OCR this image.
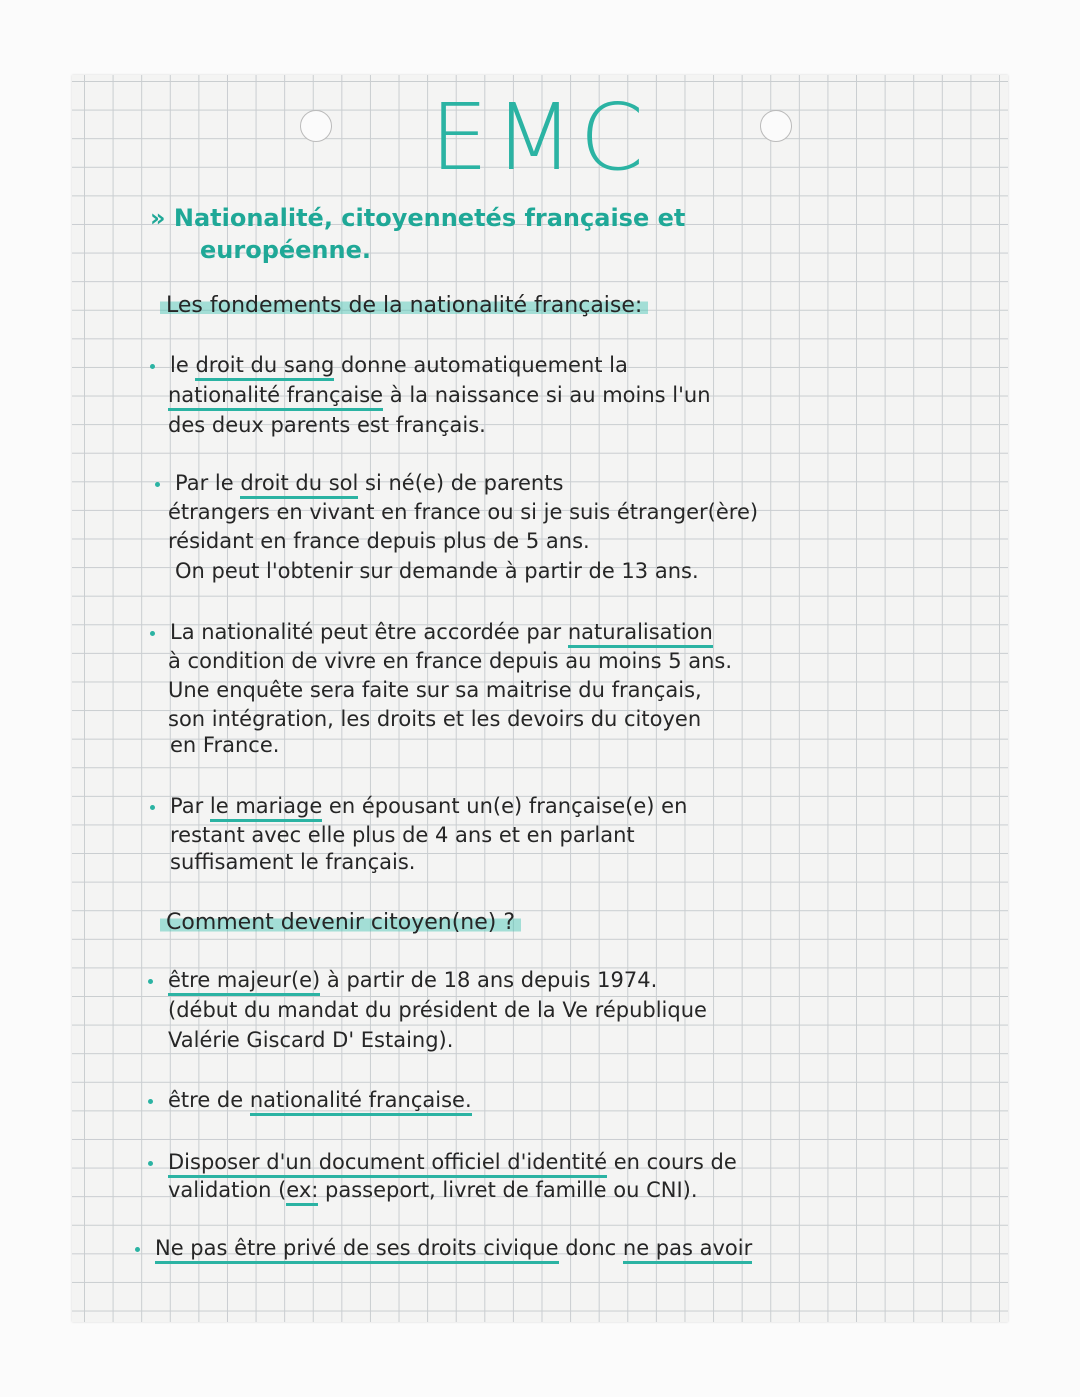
EMC
» Nationalité, citoyennetés française et
européenne.
Les fondements de la nationalité française:
le droit du sang donne automatiquement la
nationalité française à la naissance si au moins l'un
des deux parents est français.
Par le droit du sol si né(e) de parents
étrangers en vivant en france ou si je suis étranger(ère)
résidant en france depuis plus de 5 ans.
On peut l'obtenir sur demande à partir de 13 ans.
La nationalité peut être accordée par naturalisation
à condition de vivre en france depuis au moins 5 ans.
Une enquête sera faite sur sa maitrise du français,
son intégration, les droits et les devoirs du citoyen
en France.
Par le mariage en épousant un(e) française(e) en
restant avec elle plus de 4 ans et en parlant
suffisament le français.
Comment devenir citoyen(ne) ?
être majeur(e) à partir de 18 ans depuis 1974.
(début du mandat du président de la Ve république
Valérie Giscard D' Estaing).
être de nationalité française.
Disposer d'un document officiel d'identité en cours de
validation (ex: passeport, livret de famille ou CNI).
Ne pas être privé de ses droits civique donc ne pas avoir
